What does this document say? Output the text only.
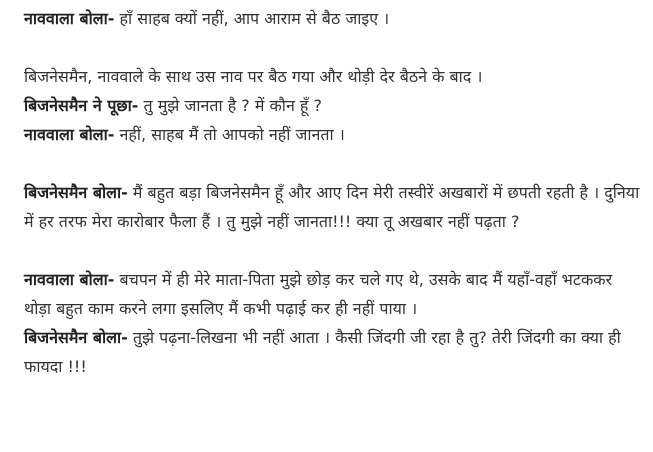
नाववाला बोला- हाँ साहब क्यों नहीं, आप आराम से बैठ जाइए ।

बिजनेसमैन, नाववाले के साथ उस नाव पर बैठ गया और थोड़ी देर बैठने के बाद ।

बिजनेसमैन ने पूछा- तु मुझे जानता है ? में कौन हूँ ?

नाववाला बोला- नहीं, साहब मैं तो आपको नहीं जानता ।

बिजनेसमैन बोला- मैं बहुत बड़ा बिजनेसमैन हूँ और आए दिन मेरी तस्वीरें अखबारों में छपती रहती है । दुनिया में हर तरफ मेरा कारोबार फैला हैं । तु मुझे नहीं जानता!!! क्या तू अखबार नहीं पढ़ता ?

नाववाला बोला- बचपन में ही मेरे माता-पिता मुझे छोड़ कर चले गए थे, उसके बाद मैं यहाँ-वहाँ भटककर थोड़ा बहुत काम करने लगा इसलिए मैं कभी पढ़ाई कर ही नहीं पाया ।

बिजनेसमैन बोला- तुझे पढ़ना-लिखना भी नहीं आता । कैसी जिंदगी जी रहा है तु? तेरी जिंदगी का क्या ही फायदा !!!
